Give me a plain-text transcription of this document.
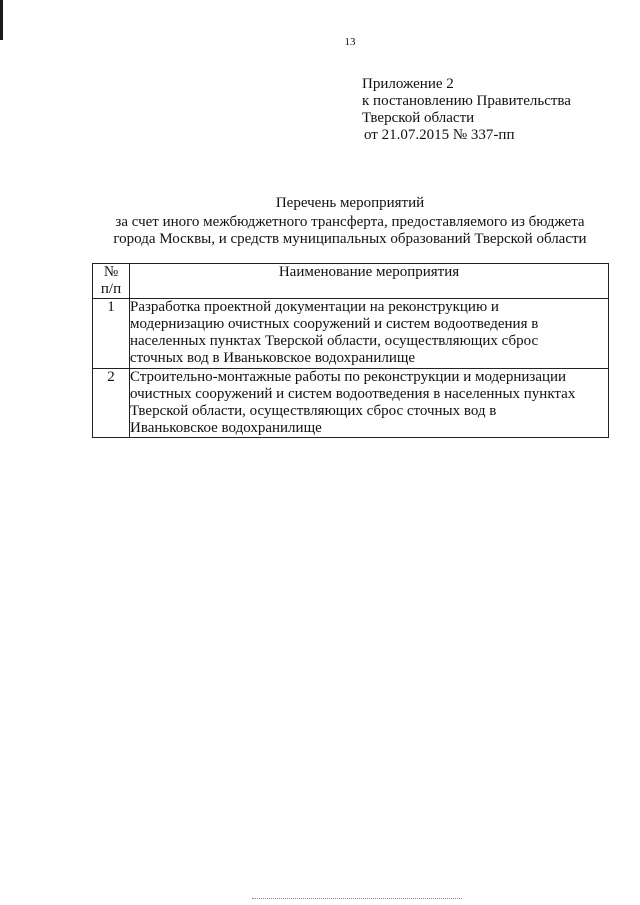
13
Приложение 2
к постановлению Правительства
Тверской области
от 21.07.2015 № 337-пп
Перечень мероприятий
за счет иного межбюджетного трансферта, предоставляемого из бюджета
города Москвы, и средств муниципальных образований Тверской области
№
п/п	Наименование мероприятия
1	Разработка проектной документации на реконструкцию и
модернизацию очистных сооружений и систем водоотведения в
населенных пунктах Тверской области, осуществляющих сброс
сточных вод в Иваньковское водохранилище

2	Строительно-монтажные работы по реконструкции и модернизации
очистных сооружений и систем водоотведения в населенных пунктах
Тверской области, осуществляющих сброс сточных вод в
Иваньковское водохранилище
